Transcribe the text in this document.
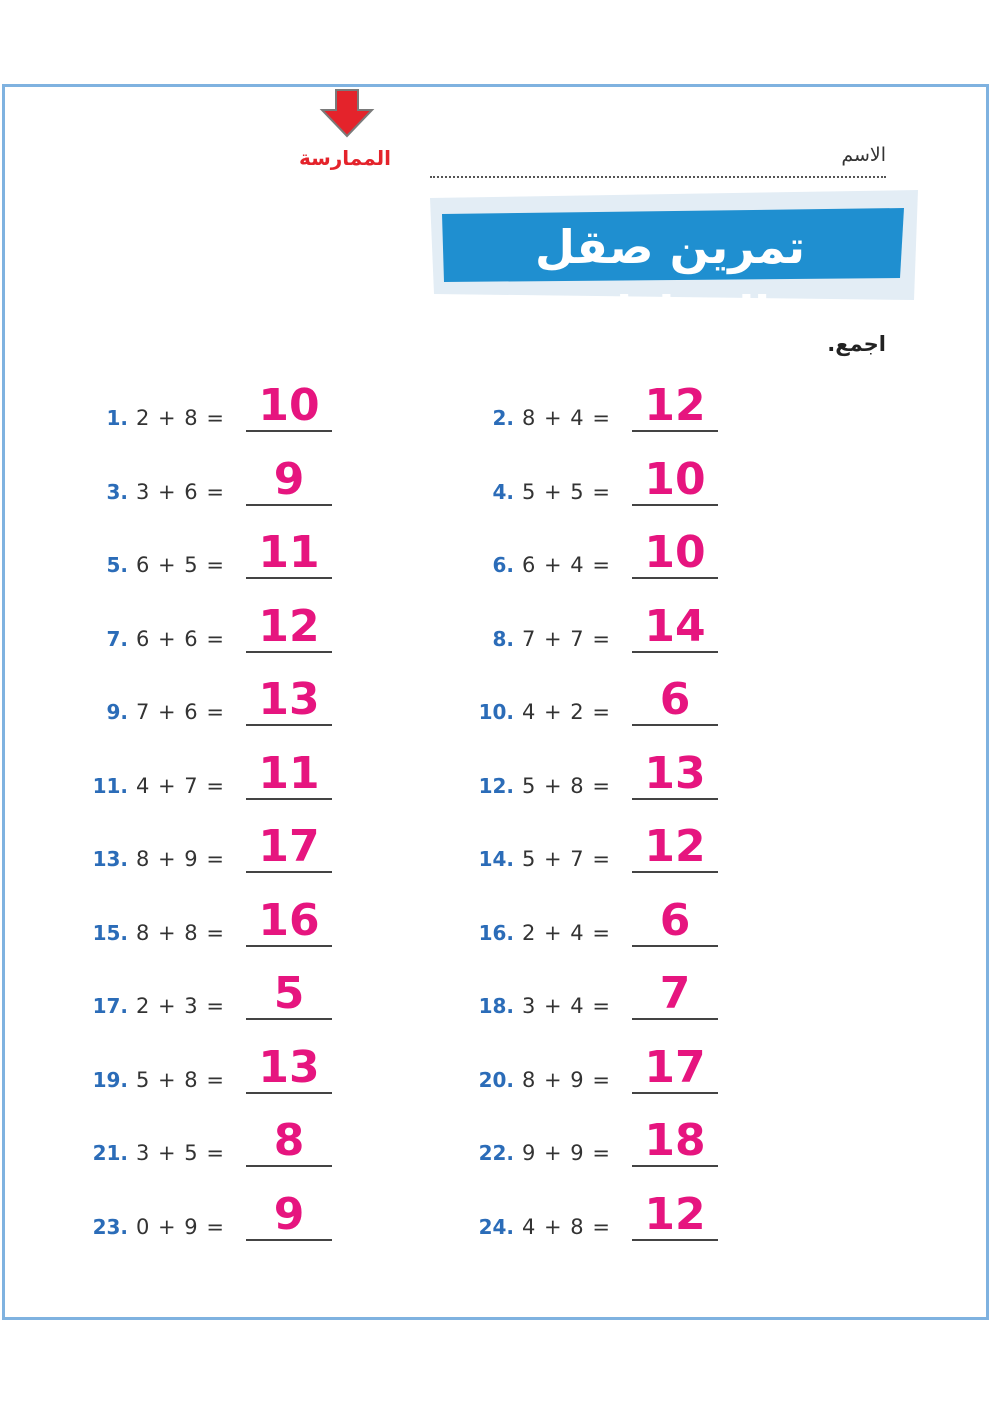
الممارسة	الاسم
تمرين صقل المهارات
اجمع.
1. 2 + 8 = 10	2. 8 + 4 = 12
3. 3 + 6 =	9	4. 5 + 5 = 10
5. 6 + 5 = 11	6. 6 + 4 = 10
7. 6 + 6 = 12	8. 7 + 7 = 14
9. 7 + 6 = 13	10. 4 + 2 =	6
11. 4 + 7 = 11	12. 5 + 8 = 13
13. 8 + 9 = 17	14. 5 + 7 = 12
15. 8 + 8 = 16	16. 2 + 4 =	6
17. 2 + 3 =	5	18. 3 + 4 =	7
19. 5 + 8 = 13	20. 8 + 9 = 17
21. 3 + 5 =	8	22. 9 + 9 = 18
23. 0 + 9 =	9	24. 4 + 8 = 12
